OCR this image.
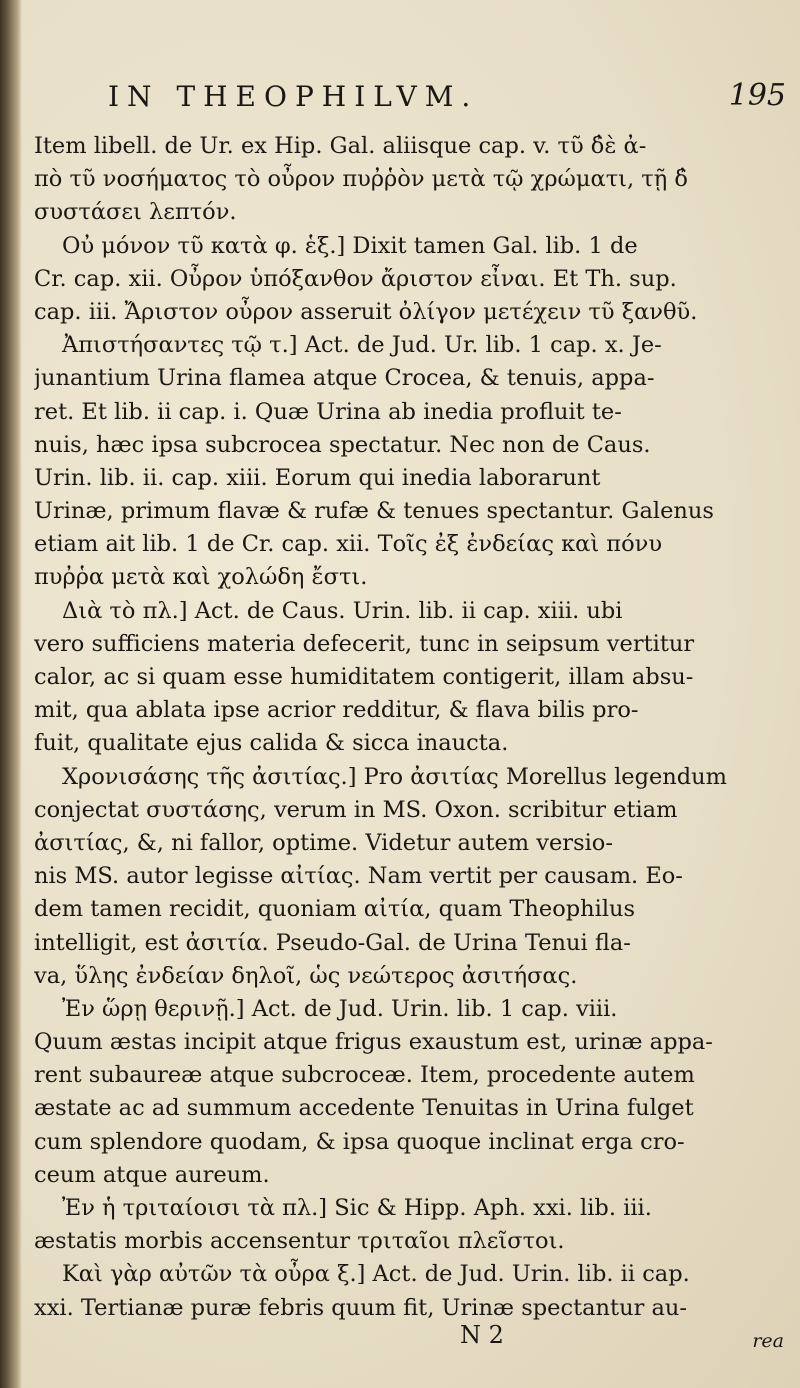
IN THEOPHILVM.	195
Item libell. de Ur. ex Hip. Gal. aliisque cap. v. τῦ δ̓ὲ ἀ-
πὸ τῦ νοσήματος τὸ οὖρον πυῤῥὸν μετὰ τῷ χρώματι, τῇ δ̓
συστάσει λεπτόν.
Οὐ μόνον τῦ κατὰ φ. ἑξ.] Dixit tamen Gal. lib. 1 de
Cr. cap. xii. Οὖρον ὑπόξανθον ἄριστον εἶναι. Et Th. sup.
cap. iii. Ἄριστον οὖρον asseruit ὀλίγον μετέχειν τῦ ξανθῦ.
Ἀπιστήσαντες τῷ τ.] Act. de Jud. Ur. lib. 1 cap. x. Je-
junantium Urina flamea atque Crocea, & tenuis, appa-
ret. Et lib. ii cap. i. Quæ Urina ab inedia profluit te-
nuis, hæc ipsa subcrocea spectatur. Nec non de Caus.
Urin. lib. ii. cap. xiii. Eorum qui inedia laborarunt
Urinæ, primum flavæ & rufæ & tenues spectantur. Galenus
etiam ait lib. 1 de Cr. cap. xii. Τοῖς ἐξ ἐνδείας καὶ πόνυ
πυῤῥα μετὰ καὶ χολώδη ἔστι.
Διὰ τὸ πλ.] Act. de Caus. Urin. lib. ii cap. xiii. ubi
vero sufficiens materia defecerit, tunc in seipsum vertitur
calor, ac si quam esse humiditatem contigerit, illam absu-
mit, qua ablata ipse acrior redditur, & flava bilis pro-
fuit, qualitate ejus calida & sicca inaucta.
Χρονισάσης τῆς ἀσιτίας.] Pro ἀσιτίας Morellus legendum
conjectat συστάσης, verum in MS. Oxon. scribitur etiam
ἀσιτίας, &, ni fallor, optime. Videtur autem versio-
nis MS. autor legisse αἰτίας. Nam vertit per causam. Eo-
dem tamen recidit, quoniam αἰτία, quam Theophilus
intelligit, est ἀσιτία. Pseudo-Gal. de Urina Tenui fla-
va, ὕλης ἐνδείαν δηλοῖ, ὡς νεώτερος ἀσιτήσας.
Ἐν ὥρῃ θερινῇ.] Act. de Jud. Urin. lib. 1 cap. viii.
Quum æstas incipit atque frigus exaustum est, urinæ appa-
rent subaureæ atque subcroceæ. Item, procedente autem
æstate ac ad summum accedente Tenuitas in Urina fulget
cum splendore quodam, & ipsa quoque inclinat erga cro-
ceum atque aureum.
Ἐν ἡ τριταίοισι τὰ πλ.] Sic & Hipp. Aph. xxi. lib. iii.
æstatis morbis accensentur τριταῖοι πλεῖστοι.
Καὶ γὰρ αὐτῶν τὰ οὖρα ξ.] Act. de Jud. Urin. lib. ii cap.
xxi. Tertianæ puræ febris quum fit, Urinæ spectantur au-
N 2	rea
